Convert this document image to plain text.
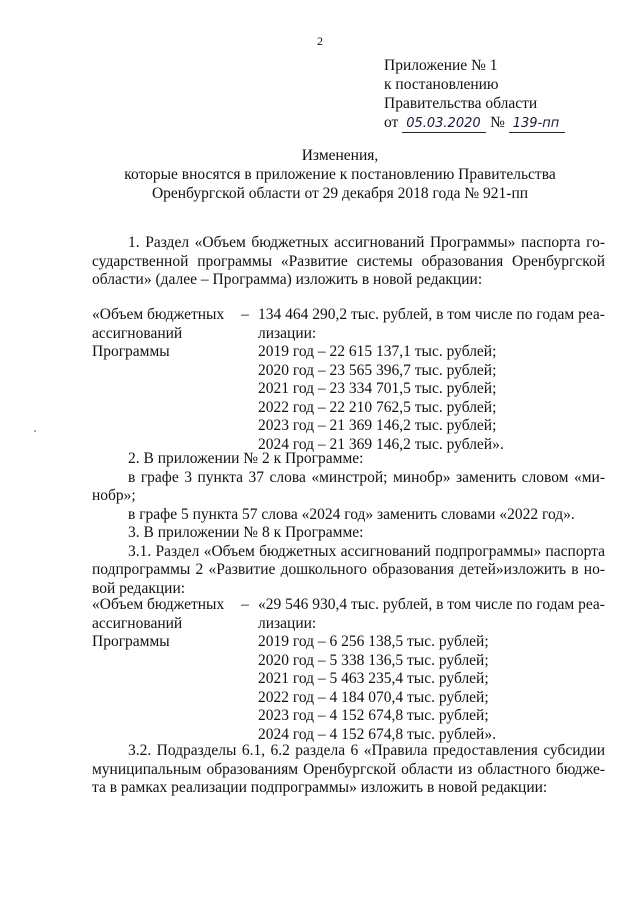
2
Приложение № 1
к постановлению
Правительства области
от 05.03.2020 № 139-пп
Изменения,
которые вносятся в приложение к постановлению Правительства
Оренбургской области от 29 декабря 2018 года № 921-пп
1. Раздел «Объем бюджетных ассигнований Программы» паспорта го-
сударственной программы «Развитие системы образования Оренбургской
области» (далее – Программа) изложить в новой редакции:
«Объем бюджетных
ассигнований
Программы
– 134 464 290,2 тыс. рублей, в том числе по годам реа-
лизации:
2019 год – 22 615 137,1 тыс. рублей;
2020 год – 23 565 396,7 тыс. рублей;
2021 год – 23 334 701,5 тыс. рублей;
2022 год – 22 210 762,5 тыс. рублей;
2023 год – 21 369 146,2 тыс. рублей;
2024 год – 21 369 146,2 тыс. рублей».
2. В приложении № 2 к Программе:
в графе 3 пункта 37 слова «минстрой; минобр» заменить словом «ми-
нобр»;
в графе 5 пункта 57 слова «2024 год» заменить словами «2022 год».
3. В приложении № 8 к Программе:
3.1. Раздел «Объем бюджетных ассигнований подпрограммы» паспорта
подпрограммы 2 «Развитие дошкольного образования детей»изложить в но-
вой редакции:
«Объем бюджетных
ассигнований
Программы
– «29 546 930,4 тыс. рублей, в том числе по годам реа-
лизации:
2019 год – 6 256 138,5 тыс. рублей;
2020 год – 5 338 136,5 тыс. рублей;
2021 год – 5 463 235,4 тыс. рублей;
2022 год – 4 184 070,4 тыс. рублей;
2023 год – 4 152 674,8 тыс. рублей;
2024 год – 4 152 674,8 тыс. рублей».
3.2. Подразделы 6.1, 6.2 раздела 6 «Правила предоставления субсидии
муниципальным образованиям Оренбургской области из областного бюдже-
та в рамках реализации подпрограммы» изложить в новой редакции:
